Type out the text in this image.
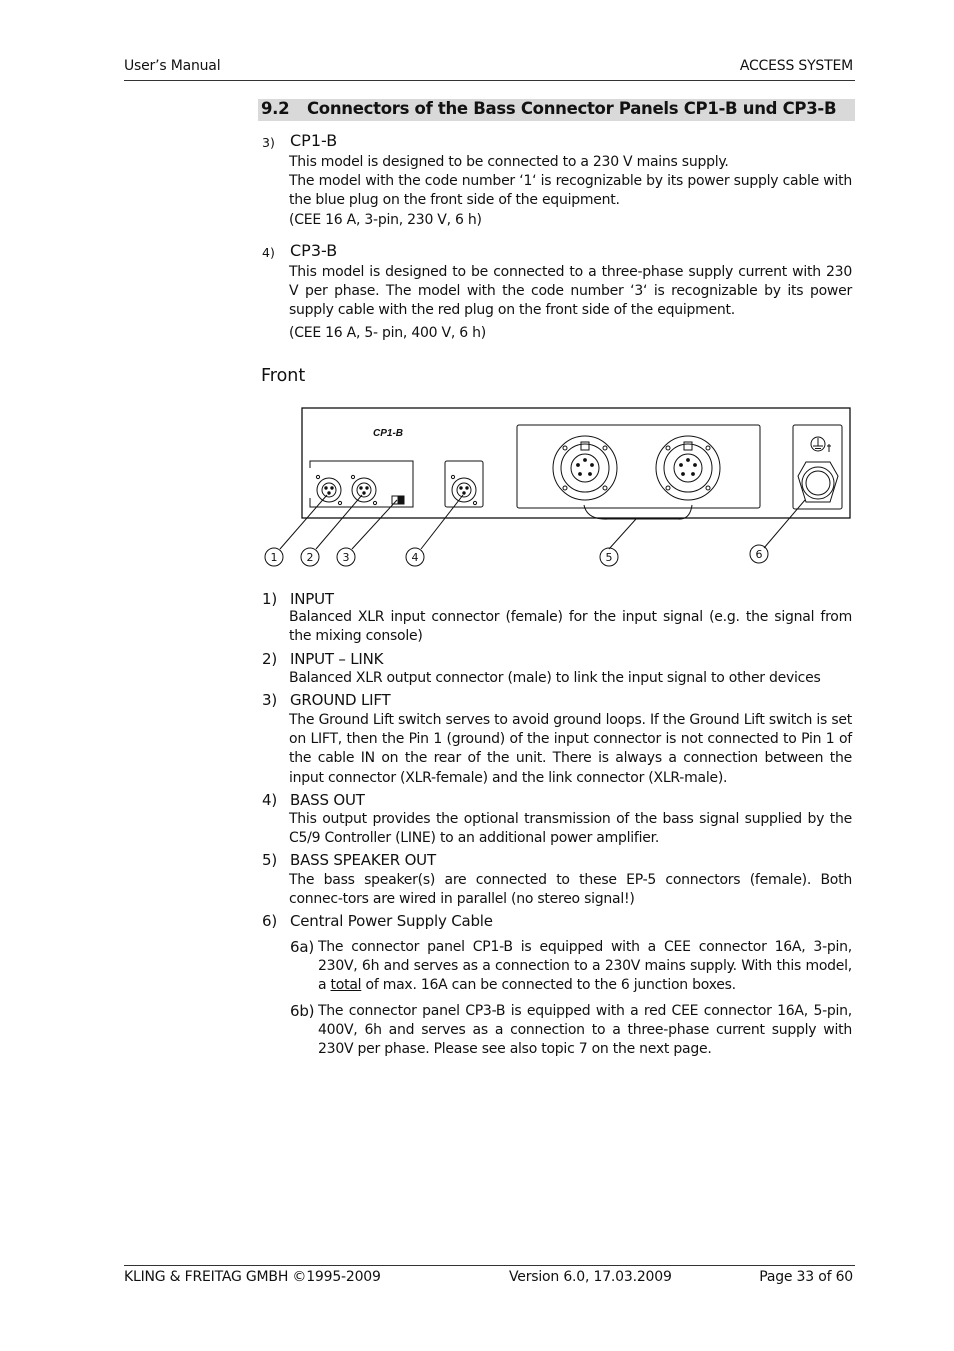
User’s Manual	ACCESS SYSTEM
9.2 Connectors of the Bass Connector Panels CP1-B und CP3-B
3) CP1-B
This model is designed to be connected to a 230 V mains supply.
The model with the code number ‘1‘ is recognizable by its power supply cable with the blue plug on the front side of the equipment.
(CEE 16 A, 3-pin, 230 V, 6 h)
4) CP3-B
This model is designed to be connected to a three-phase supply current with 230 V per phase. The model with the code number ‘3‘ is recognizable by its power supply cable with the red plug on the front side of the equipment.
(CEE 16 A, 5- pin, 400 V, 6 h)
Front
CP1-B
1	2	3	4	5	6
1) INPUT
Balanced XLR input connector (female) for the input signal (e.g. the signal from the mixing console)
2) INPUT – LINK
Balanced XLR output connector (male) to link the input signal to other devices
3) GROUND LIFT
The Ground Lift switch serves to avoid ground loops. If the Ground Lift switch is set on LIFT, then the Pin 1 (ground) of the input connector is not connected to Pin 1 of the cable IN on the rear of the unit. There is always a connection between the input connector (XLR-female) and the link connector (XLR-male).
4) BASS OUT
This output provides the optional transmission of the bass signal supplied by the C5/9 Controller (LINE) to an additional power amplifier.
5) BASS SPEAKER OUT
The bass speaker(s) are connected to these EP-5 connectors (female). Both connec-tors are wired in parallel (no stereo signal!)
6) Central Power Supply Cable
6a) The connector panel CP1-B is equipped with a CEE connector 16A, 3-pin, 230V, 6h and serves as a connection to a 230V mains supply. With this model, a total of max. 16A can be connected to the 6 junction boxes.
6b) The connector panel CP3-B is equipped with a red CEE connector 16A, 5-pin, 400V, 6h and serves as a connection to a three-phase current supply with 230V per phase. Please see also topic 7 on the next page.
KLING & FREITAG GMBH ©1995-2009	Version 6.0, 17.03.2009	Page 33 of 60
